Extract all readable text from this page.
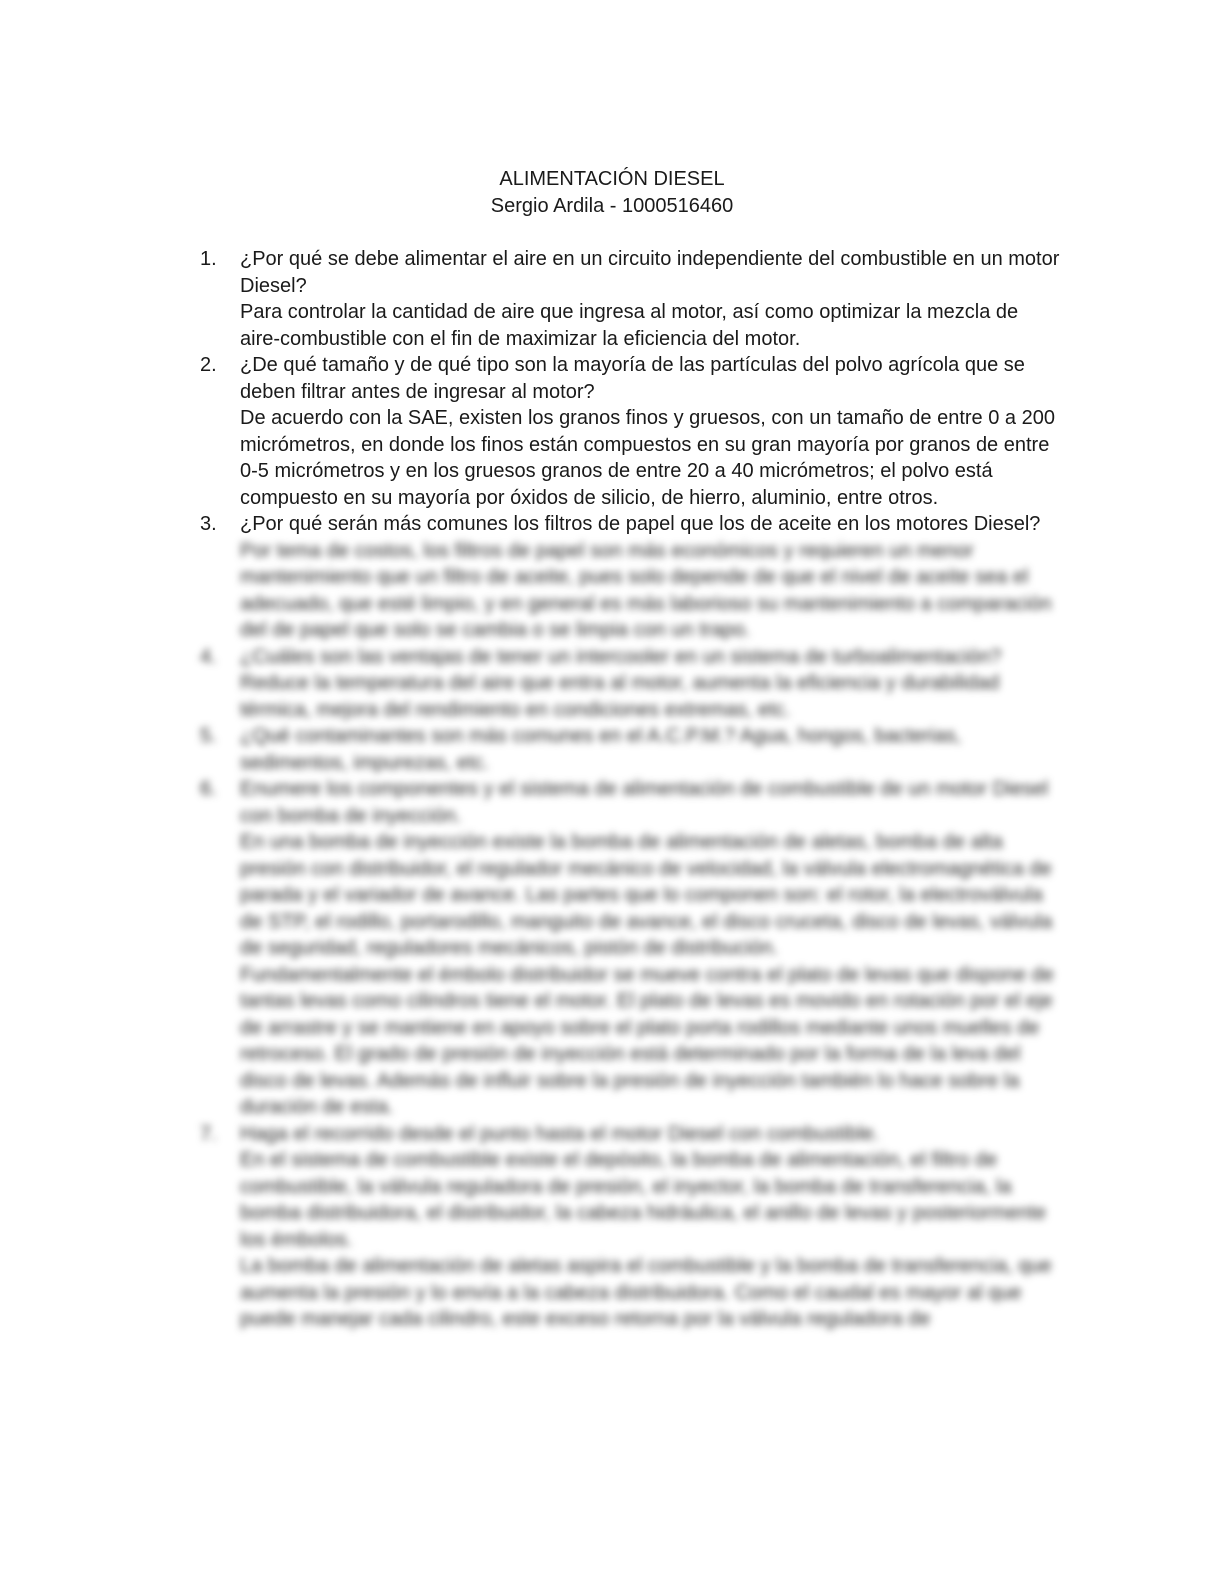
ALIMENTACIÓN DIESEL
Sergio Ardila - 1000516460
1.	¿Por qué se debe alimentar el aire en un circuito independiente del combustible en un motor Diesel?
Para controlar la cantidad de aire que ingresa al motor, así como optimizar la mezcla de aire-combustible con el fin de maximizar la eficiencia del motor.
2.	¿De qué tamaño y de qué tipo son la mayoría de las partículas del polvo agrícola que se deben filtrar antes de ingresar al motor?
De acuerdo con la SAE, existen los granos finos y gruesos, con un tamaño de entre 0 a 200 micrómetros, en donde los finos están compuestos en su gran mayoría por granos de entre 0-5 micrómetros y en los gruesos granos de entre 20 a 40 micrómetros; el polvo está compuesto en su mayoría por óxidos de silicio, de hierro, aluminio, entre otros.
3.	¿Por qué serán más comunes los filtros de papel que los de aceite en los motores Diesel?
Por tema de costos, los filtros de papel son más económicos y requieren un menor mantenimiento que un filtro de aceite, pues solo depende de que el nivel de aceite sea el adecuado, que esté limpio, y en general es más laborioso su mantenimiento a comparación del de papel que solo se cambia o se limpia con un trapo.
4.	¿Cuáles son las ventajas de tener un intercooler en un sistema de turboalimentación? Reduce la temperatura del aire que entra al motor, aumenta la eficiencia y durabilidad térmica, mejora del rendimiento en condiciones extremas, etc.
5.	¿Qué contaminantes son más comunes en el A.C.P.M.? Agua, hongos, bacterias, sedimentos, impurezas, etc.
6.	Enumere los componentes y el sistema de alimentación de combustible de un motor Diesel con bomba de inyección.
En una bomba de inyección existe la bomba de alimentación de aletas, bomba de alta presión con distribuidor, el regulador mecánico de velocidad, la válvula electromagnética de parada y el variador de avance. Las partes que lo componen son: el rotor, la electroválvula de STP, el rodillo, portarodillo, manguito de avance, el disco cruceta, disco de levas, válvula de seguridad, reguladores mecánicos, pistón de distribución.
Fundamentalmente el émbolo distribuidor se mueve contra el plato de levas que dispone de tantas levas como cilindros tiene el motor. El plato de levas es movido en rotación por el eje de arrastre y se mantiene en apoyo sobre el plato porta rodillos mediante unos muelles de retroceso. El grado de presión de inyección está determinado por la forma de la leva del disco de levas. Además de influir sobre la presión de inyección también lo hace sobre la duración de esta.
7.	Haga el recorrido desde el punto hasta el motor Diesel con combustible.
En el sistema de combustible existe el depósito, la bomba de alimentación, el filtro de combustible, la válvula reguladora de presión, el inyector, la bomba de transferencia, la bomba distribuidora, el distribuidor, la cabeza hidráulica, el anillo de levas y posteriormente los émbolos.
La bomba de alimentación de aletas aspira el combustible y la bomba de transferencia, que aumenta la presión y lo envía a la cabeza distribuidora. Como el caudal es mayor al que puede manejar cada cilindro, este exceso retorna por la válvula reguladora de
